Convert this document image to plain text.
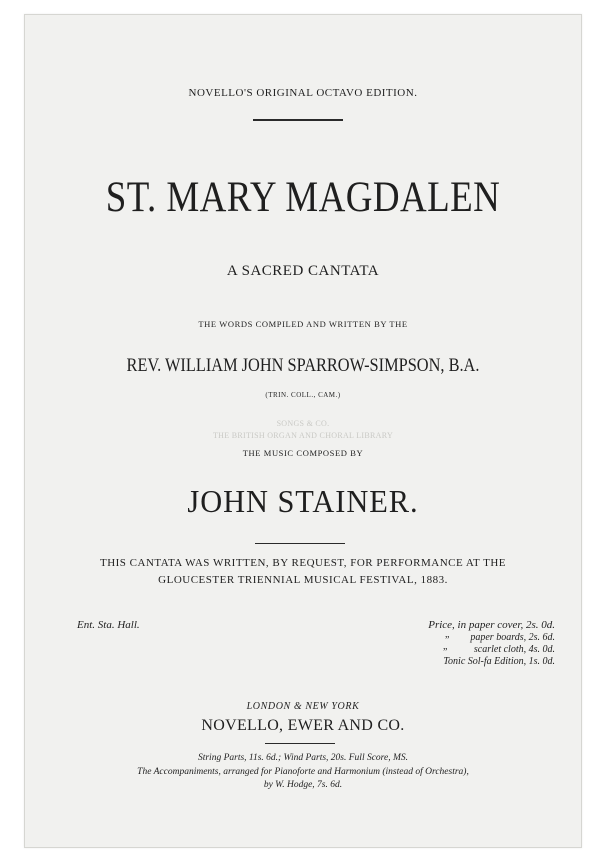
NOVELLO'S ORIGINAL OCTAVO EDITION.
ST. MARY MAGDALEN
A SACRED CANTATA
THE WORDS COMPILED AND WRITTEN BY THE
REV. WILLIAM JOHN SPARROW-SIMPSON, B.A.
(TRIN. COLL., CAM.)
SONGS & CO.
THE BRITISH ORGAN AND CHORAL LIBRARY
THE MUSIC COMPOSED BY
JOHN STAINER.
THIS CANTATA WAS WRITTEN, BY REQUEST, FOR PERFORMANCE AT THE
GLOUCESTER TRIENNIAL MUSICAL FESTIVAL, 1883.
Ent. Sta. Hall.	Price, in paper cover, 2s. 0d.
„ paper boards, 2s. 6d.
„	scarlet cloth, 4s. 0d.
Tonic Sol-fa Edition, 1s. 0d.
LONDON & NEW YORK
NOVELLO, EWER AND CO.
String Parts, 11s. 6d.; Wind Parts, 20s. Full Score, MS.
The Accompaniments, arranged for Pianoforte and Harmonium (instead of Orchestra),
by W. Hodge, 7s. 6d.
